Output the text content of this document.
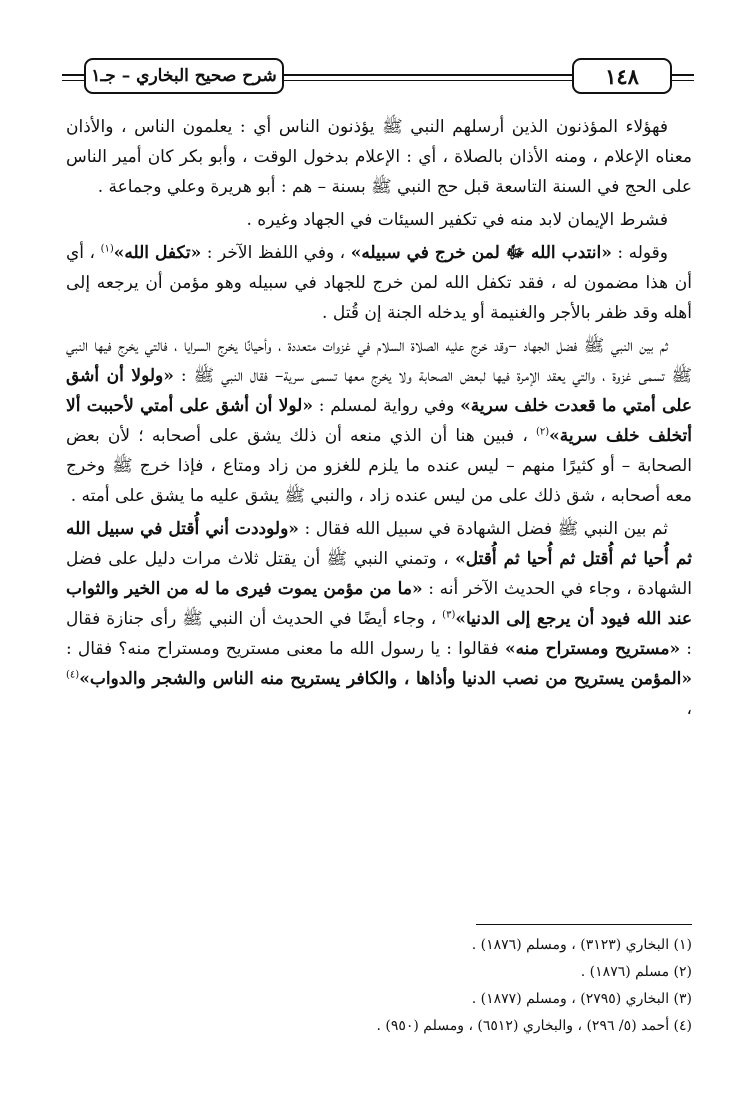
١٤٨
شرح صحيح البخاري – جـ١

فهؤلاء المؤذنون الذين أرسلهم النبي ﷺ يؤذنون الناس أي : يعلمون الناس ، والأذان معناه الإعلام ، ومنه الأذان بالصلاة ، أي : الإعلام بدخول الوقت ، وأبو بكر كان أمير الناس على الحج في السنة التاسعة قبل حج النبي ﷺ بسنة – هم : أبو هريرة وعلي وجماعة .

فشرط الإيمان لابد منه في تكفير السيئات في الجهاد وغيره .

وقوله : «انتدب الله ﷻ لمن خرج في سبيله» ، وفي اللفظ الآخر : «تكفل الله»$^{(١)}$ ، أي أن هذا مضمون له ، فقد تكفل الله لمن خرج للجهاد في سبيله وهو مؤمن أن يرجعه إلى أهله وقد ظفر بالأجر والغنيمة أو يدخله الجنة إن قُتل .

ثم بين النبي ﷺ فضل الجهاد –وقد خرج عليه الصلاة السلام في غزوات متعددة ، وأحيانًا يخرج السرايا ، فالتي يخرج فيها النبي ﷺ تسمى غزوة ، والتي يعقد الإمرة فيها لبعض الصحابة ولا يخرج معها تسمى سرية– فقال النبي ﷺ : «ولولا أن أشق على أمتي ما قعدت خلف سرية» وفي رواية لمسلم : «لولا أن أشق على أمتي لأحببت ألا أتخلف خلف سرية»$^{(٢)}$ ، فبين هنا أن الذي منعه أن ذلك يشق على أصحابه ؛ لأن بعض الصحابة – أو كثيرًا منهم – ليس عنده ما يلزم للغزو من زاد ومتاع ، فإذا خرج ﷺ وخرج معه أصحابه ، شق ذلك على من ليس عنده زاد ، والنبي ﷺ يشق عليه ما يشق على أمته .

ثم بين النبي ﷺ فضل الشهادة في سبيل الله فقال : «ولوددت أني أُقتل في سبيل الله ثم أُحيا ثم أُقتل ثم أُحيا ثم أُقتل» ، وتمني النبي ﷺ أن يقتل ثلاث مرات دليل على فضل الشهادة ، وجاء في الحديث الآخر أنه : «ما من مؤمن يموت فيرى ما له من الخير والثواب عند الله فيود أن يرجع إلى الدنيا»$^{(٣)}$ ، وجاء أيضًا في الحديث أن النبي ﷺ رأى جنازة فقال : «مستريح ومستراح منه» فقالوا : يا رسول الله ما معنى مستريح ومستراح منه؟ فقال : «المؤمن يستريح من نصب الدنيا وأذاها ، والكافر يستريح منه الناس والشجر والدواب»$^{(٤)}$ ،

(١) البخاري (٣١٢٣) ، ومسلم (١٨٧٦) .

(٢) مسلم (١٨٧٦) .

(٣) البخاري (٢٧٩٥) ، ومسلم (١٨٧٧) .

(٤) أحمد (٥/ ٢٩٦) ، والبخاري (٦٥١٢) ، ومسلم (٩٥٠) .
